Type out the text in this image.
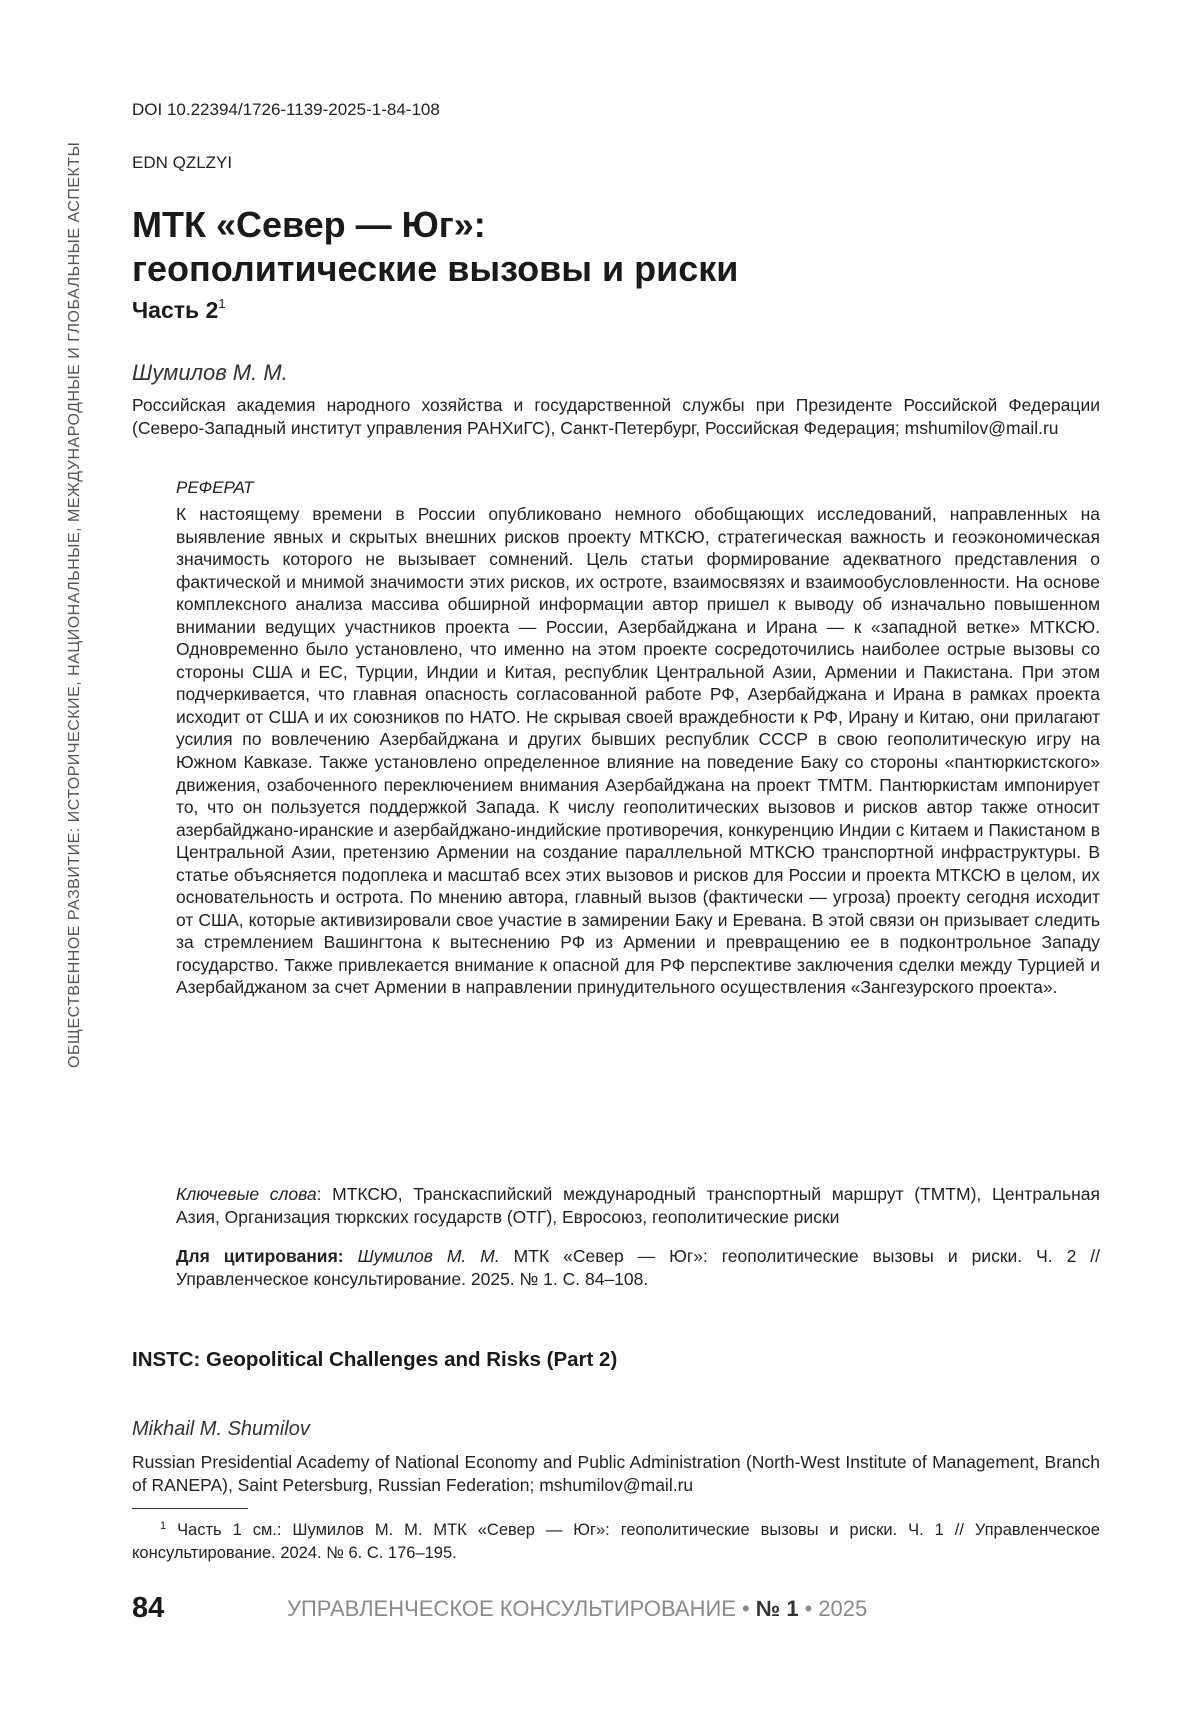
ОБЩЕСТВЕННОЕ РАЗВИТИЕ: ИСТОРИЧЕСКИЕ, НАЦИОНАЛЬНЫЕ, МЕЖДУНАРОДНЫЕ И ГЛОБАЛЬНЫЕ АСПЕКТЫ
DOI 10.22394/1726-1139-2025-1-84-108
EDN QZLZYI
МТК «Север — Юг»:
геополитические вызовы и риски
Часть $2^1$
Шумилов М. М.
Российская академия народного хозяйства и государственной службы при Президенте Российской Федерации (Северо-Западный институт управления РАНХиГС), Санкт-Петербург, Российская Федерация; mshumilov@mail.ru
РЕФЕРАТ
К настоящему времени в России опубликовано немного обобщающих исследований, направленных на выявление явных и скрытых внешних рисков проекту МТКСЮ, стратегическая важность и геоэкономическая значимость которого не вызывает сомнений. Цель статьи формирование адекватного представления о фактической и мнимой значимости этих рисков, их остроте, взаимосвязях и взаимообусловленности. На основе комплексного анализа массива обширной информации автор пришел к выводу об изначально повышенном внимании ведущих участников проекта — России, Азербайджана и Ирана — к «западной ветке» МТКСЮ. Одновременно было установлено, что именно на этом проекте сосредоточились наиболее острые вызовы со стороны США и ЕС, Турции, Индии и Китая, республик Центральной Азии, Армении и Пакистана. При этом подчеркивается, что главная опасность согласованной работе РФ, Азербайджана и Ирана в рамках проекта исходит от США и их союзников по НАТО. Не скрывая своей враждебности к РФ, Ирану и Китаю, они прилагают усилия по вовлечению Азербайджана и других бывших республик СССР в свою геополитическую игру на Южном Кавказе. Также установлено определенное влияние на поведение Баку со стороны «пантюркистского» движения, озабоченного переключением внимания Азербайджана на проект ТМТМ. Пантюркистам импонирует то, что он пользуется поддержкой Запада. К числу геополитических вызовов и рисков автор также относит азербайджано-иранские и азербайджано-индийские противоречия, конкуренцию Индии с Китаем и Пакистаном в Центральной Азии, претензию Армении на создание параллельной МТКСЮ транспортной инфраструктуры. В статье объясняется подоплека и масштаб всех этих вызовов и рисков для России и проекта МТКСЮ в целом, их основательность и острота. По мнению автора, главный вызов (фактически — угроза) проекту сегодня исходит от США, которые активизировали свое участие в замирении Баку и Еревана. В этой связи он призывает следить за стремлением Вашингтона к вытеснению РФ из Армении и превращению ее в подконтрольное Западу государство. Также привлекается внимание к опасной для РФ перспективе заключения сделки между Турцией и Азербайджаном за счет Армении в направлении принудительного осуществления «Зангезурского проекта».
Ключевые слова: МТКСЮ, Транскаспийский международный транспортный маршрут (ТМТМ), Центральная Азия, Организация тюркских государств (ОТГ), Евросоюз, геополитические риски
Для цитирования: Шумилов М. М. МТК «Север — Юг»: геополитические вызовы и риски. Ч. 2 // Управленческое консультирование. 2025. № 1. С. 84–108.
INSTC: Geopolitical Challenges and Risks (Part 2)
Mikhail M. Shumilov
Russian Presidential Academy of National Economy and Public Administration (North-West Institute of Management, Branch of RANEPA), Saint Petersburg, Russian Federation; mshumilov@mail.ru
$^1$ Часть 1 см.: Шумилов М. М. МТК «Север — Юг»: геополитические вызовы и риски. Ч. 1 // Управленческое консультирование. 2024. № 6. С. 176–195.
84	УПРАВЛЕНЧЕСКОЕ КОНСУЛЬТИРОВАНИЕ • № 1 • 2025
